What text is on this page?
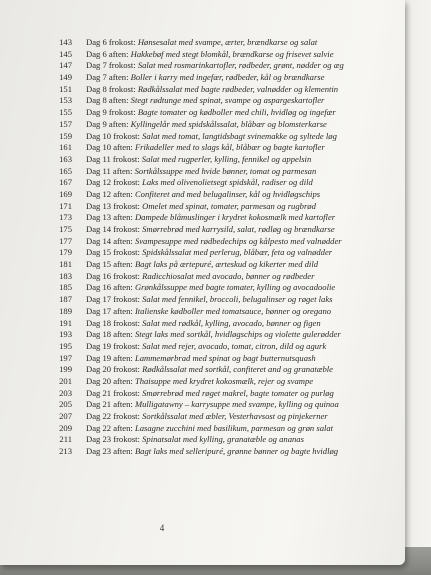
143 Dag 6 frokost: Hønsesalat med svampe, ærter, brændkarse og salat
145 Dag 6 aften: Hakkebøf med stegt blomkål, brændkarse og frisevet salvie
147 Dag 7 frokost: Salat med rosmarinkartofler, rødbeder, grønt, nødder og æg
149 Dag 7 aften: Boller i karry med ingefær, rødbeder, kål og brændkarse
151 Dag 8 frokost: Rødkålssalat med bagte rødbeder, valnødder og klementin
153 Dag 8 aften: Stegt rødtunge med spinat, svampe og aspargeskartofler
155 Dag 9 frokost: Bagte tomater og kødboller med chili, hvidløg og ingefær
157 Dag 9 aften: Kyllingelår med spidskålssalat, blåbær og blomsterkarse
159 Dag 10 frokost: Salat med tomat, langtidsbagt svinemakke og syltede løg
161 Dag 10 aften: Frikadeller med to slags kål, blåbær og bagte kartofler
163 Dag 11 frokost: Salat med rugperler, kylling, fennikel og appelsin
165 Dag 11 aften: Sortkålssuppe med hvide bønner, tomat og parmesan
167 Dag 12 frokost: Laks med olivenolietsegt spidskål, radiser og dild
169 Dag 12 aften: Confiteret and med belugalinser, kål og hvidløgschips
171 Dag 13 frokost: Omelet med spinat, tomater, parmesan og rugbrød
173 Dag 13 aften: Dampede blåmuslinger i krydret kokosmælk med kartofler
175 Dag 14 frokost: Smørrebrød med karrysild, salat, rødløg og brændkarse
177 Dag 14 aften: Svampesuppe med rødbedechips og kålpesto med valnødder
179 Dag 15 frokost: Spidskålssalat med perlerug, blåbær, feta og valnødder
181 Dag 15 aften: Bagt laks på ærtepuré, ærteskud og kikerter med dild
183 Dag 16 frokost: Radicchiosalat med avocado, bønner og rødbeder
185 Dag 16 aften: Grønkålssuppe med bagte tomater, kylling og avocadoolie
187 Dag 17 frokost: Salat med fennikel, broccoli, belugalinser og røget laks
189 Dag 17 aften: Italienske kødboller med tomatsauce, bønner og oregano
191 Dag 18 frokost: Salat med rødkål, kylling, avocado, bønner og figen
193 Dag 18 aften: Stegt laks med sortkål, hvidløgschips og violette gulerødder
195 Dag 19 frokost: Salat med rejer, avocado, tomat, citron, dild og agurk
197 Dag 19 aften: Lammemørbrad med spinat og bagt butternutsquash
199 Dag 20 frokost: Rødkålssalat med sortkål, confiteret and og granatæble
201 Dag 20 aften: Thaisuppe med krydret kokosmælk, rejer og svampe
203 Dag 21 frokost: Smørrebrød med røget makrel, bagte tomater og purløg
205 Dag 21 aften: Mulligatawny – karrysuppe med svampe, kylling og quinoa
207 Dag 22 frokost: Sortkålssalat med æbler, Vesterhavsost og pinjekerner
209 Dag 22 aften: Lasagne zucchini med basilikum, parmesan og grøn salat
211 Dag 23 frokost: Spinatsalat med kylling, granatæble og ananas
213 Dag 23 aften: Bagt laks med selleripuré, grønne bønner og bagte hvidløg
4
